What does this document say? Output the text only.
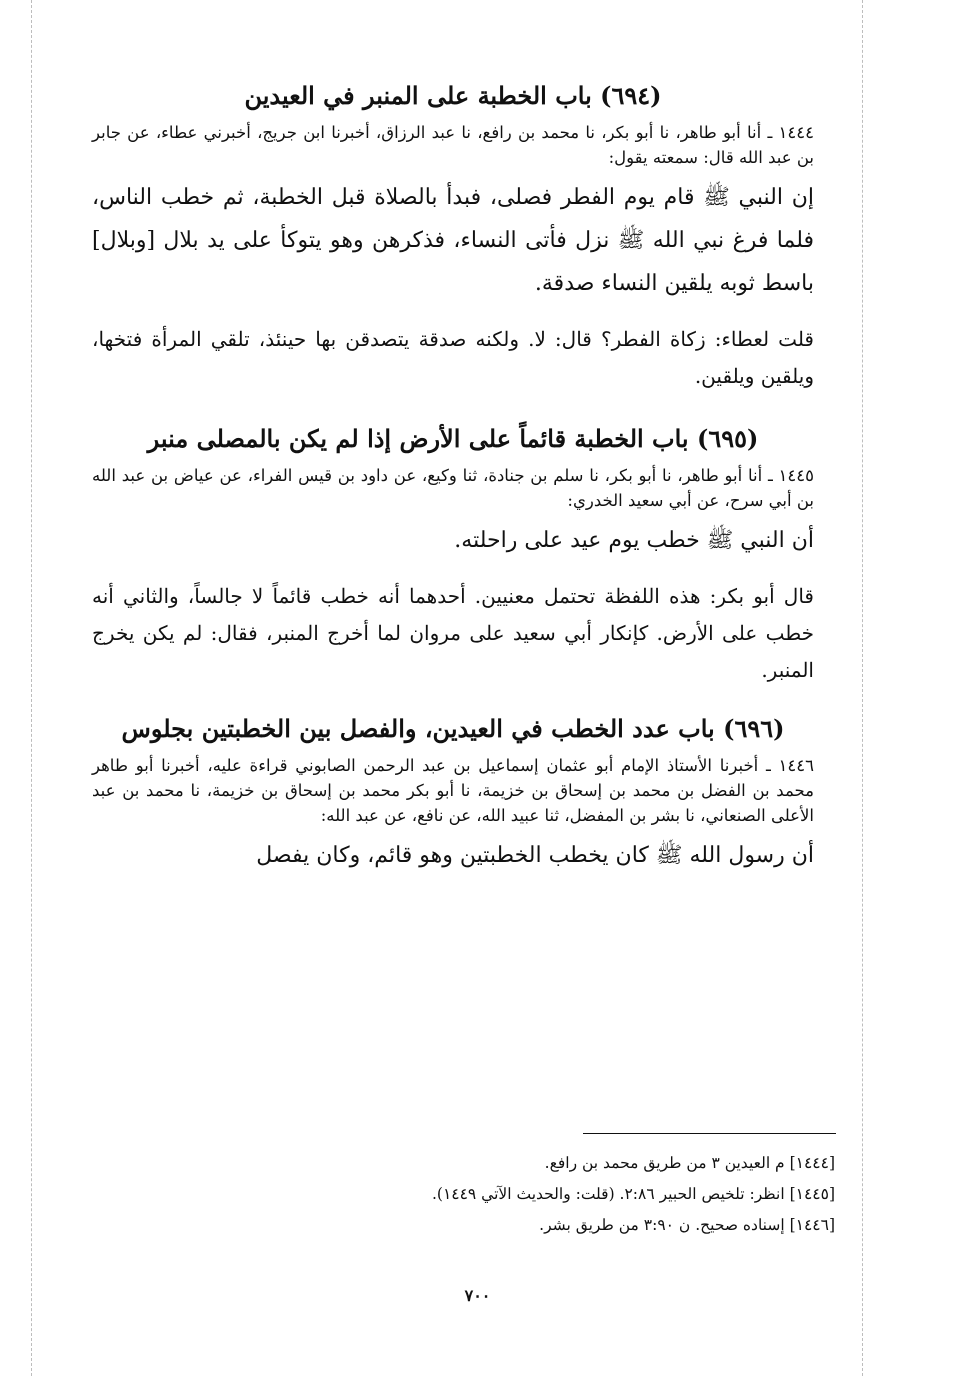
(٦٩٤) باب الخطبة على المنبر في العيدين

١٤٤٤ ـ أنا أبو طاهر، نا أبو بكر، نا محمد بن رافع، نا عبد الرزاق، أخبرنا ابن جريج، أخبرني عطاء، عن جابر بن عبد الله قال: سمعته يقول:

إن النبي ﷺ قام يوم الفطر فصلى، فبدأ بالصلاة قبل الخطبة، ثم خطب الناس، فلما فرغ نبي الله ﷺ نزل فأتى النساء، فذكرهن وهو يتوكأ على يد بلال [وبلال] باسط ثوبه يلقين النساء صدقة.

قلت لعطاء: زكاة الفطر؟ قال: لا. ولكنه صدقة يتصدقن بها حينئذ، تلقي المرأة فتخها، ويلقين ويلقين.

(٦٩٥) باب الخطبة قائماً على الأرض إذا لم يكن بالمصلى منبر

١٤٤٥ ـ أنا أبو طاهر، نا أبو بكر، نا سلم بن جنادة، ثنا وكيع، عن داود بن قيس الفراء، عن عياض بن عبد الله بن أبي سرح، عن أبي سعيد الخدري:

أن النبي ﷺ خطب يوم عيد على راحلته.

قال أبو بكر: هذه اللفظة تحتمل معنيين. أحدهما أنه خطب قائماً لا جالساً، والثاني أنه خطب على الأرض. كإنكار أبي سعيد على مروان لما أخرج المنبر، فقال: لم يكن يخرج المنبر.

(٦٩٦) باب عدد الخطب في العيدين، والفصل بين الخطبتين بجلوس

١٤٤٦ ـ أخبرنا الأستاذ الإمام أبو عثمان إسماعيل بن عبد الرحمن الصابوني قراءة عليه، أخبرنا أبو طاهر محمد بن الفضل بن محمد بن إسحاق بن خزيمة، نا أبو بكر محمد بن إسحاق بن خزيمة، نا محمد بن عبد الأعلى الصنعاني، نا بشر بن المفضل، ثنا عبيد الله، عن نافع، عن عبد الله:

أن رسول الله ﷺ كان يخطب الخطبتين وهو قائم، وكان يفصل

[١٤٤٤] م العيدين ٣ من طريق محمد بن رافع.

[١٤٤٥] انظر: تلخيص الحبير ٢:٨٦. (قلت: والحديث الآتي ١٤٤٩).

[١٤٤٦] إسناده صحيح. ن ٣:٩٠ من طريق بشر.

٧٠٠
